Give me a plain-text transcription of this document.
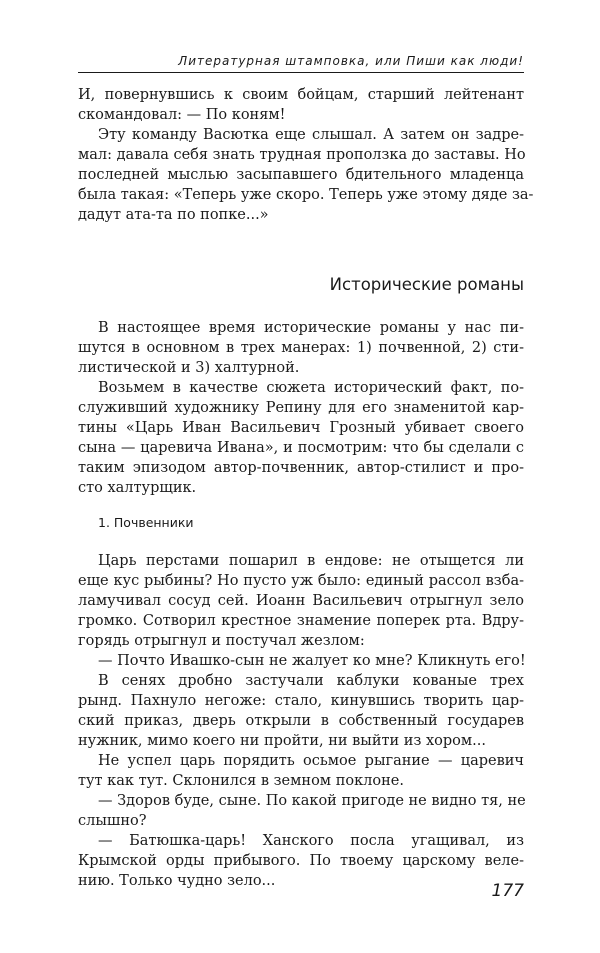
Литературная штамповка, или Пиши как люди!
И, повернувшись к своим бойцам, старший лейтенант
скомандовал: — По коням!
Эту команду Васютка еще слышал. А затем он задре-
мал: давала себя знать трудная проползка до заставы. Но
последней мыслью засыпавшего бдительного младенца
была такая: «Теперь уже скоро. Теперь уже этому дяде за-
дадут ата-та по попке...»
Исторические романы
В настоящее время исторические романы у нас пи-
шутся в основном в трех манерах: 1) почвенной, 2) сти-
листической и 3) халтурной.
Возьмем в качестве сюжета исторический факт, по-
служивший художнику Репину для его знаменитой кар-
тины «Царь Иван Васильевич Грозный убивает своего
сына — царевича Ивана», и посмотрим: что бы сделали с
таким эпизодом автор-почвенник, автор-стилист и про-
сто халтурщик.
1. Почвенники
Царь перстами пошарил в ендове: не отыщется ли
еще кус рыбины? Но пусто уж было: единый рассол взба-
ламучивал сосуд сей. Иоанн Васильевич отрыгнул зело
громко. Сотворил крестное знамение поперек рта. Вдру-
горядь отрыгнул и постучал жезлом:
— Почто Ивашко-сын не жалует ко мне? Кликнуть его!
В сенях дробно застучали каблуки кованые трех
рынд. Пахнуло негоже: стало, кинувшись творить цар-
ский приказ, дверь открыли в собственный государев
нужник, мимо коего ни пройти, ни выйти из хором...
Не успел царь порядить осьмое рыгание — царевич
тут как тут. Склонился в земном поклоне.
— Здоров буде, сыне. По какой пригоде не видно тя, не
слышно?
— Батюшка-царь! Ханского посла угащивал, из
Крымской орды прибывого. По твоему царскому веле-
нию. Только чудно зело...	177
